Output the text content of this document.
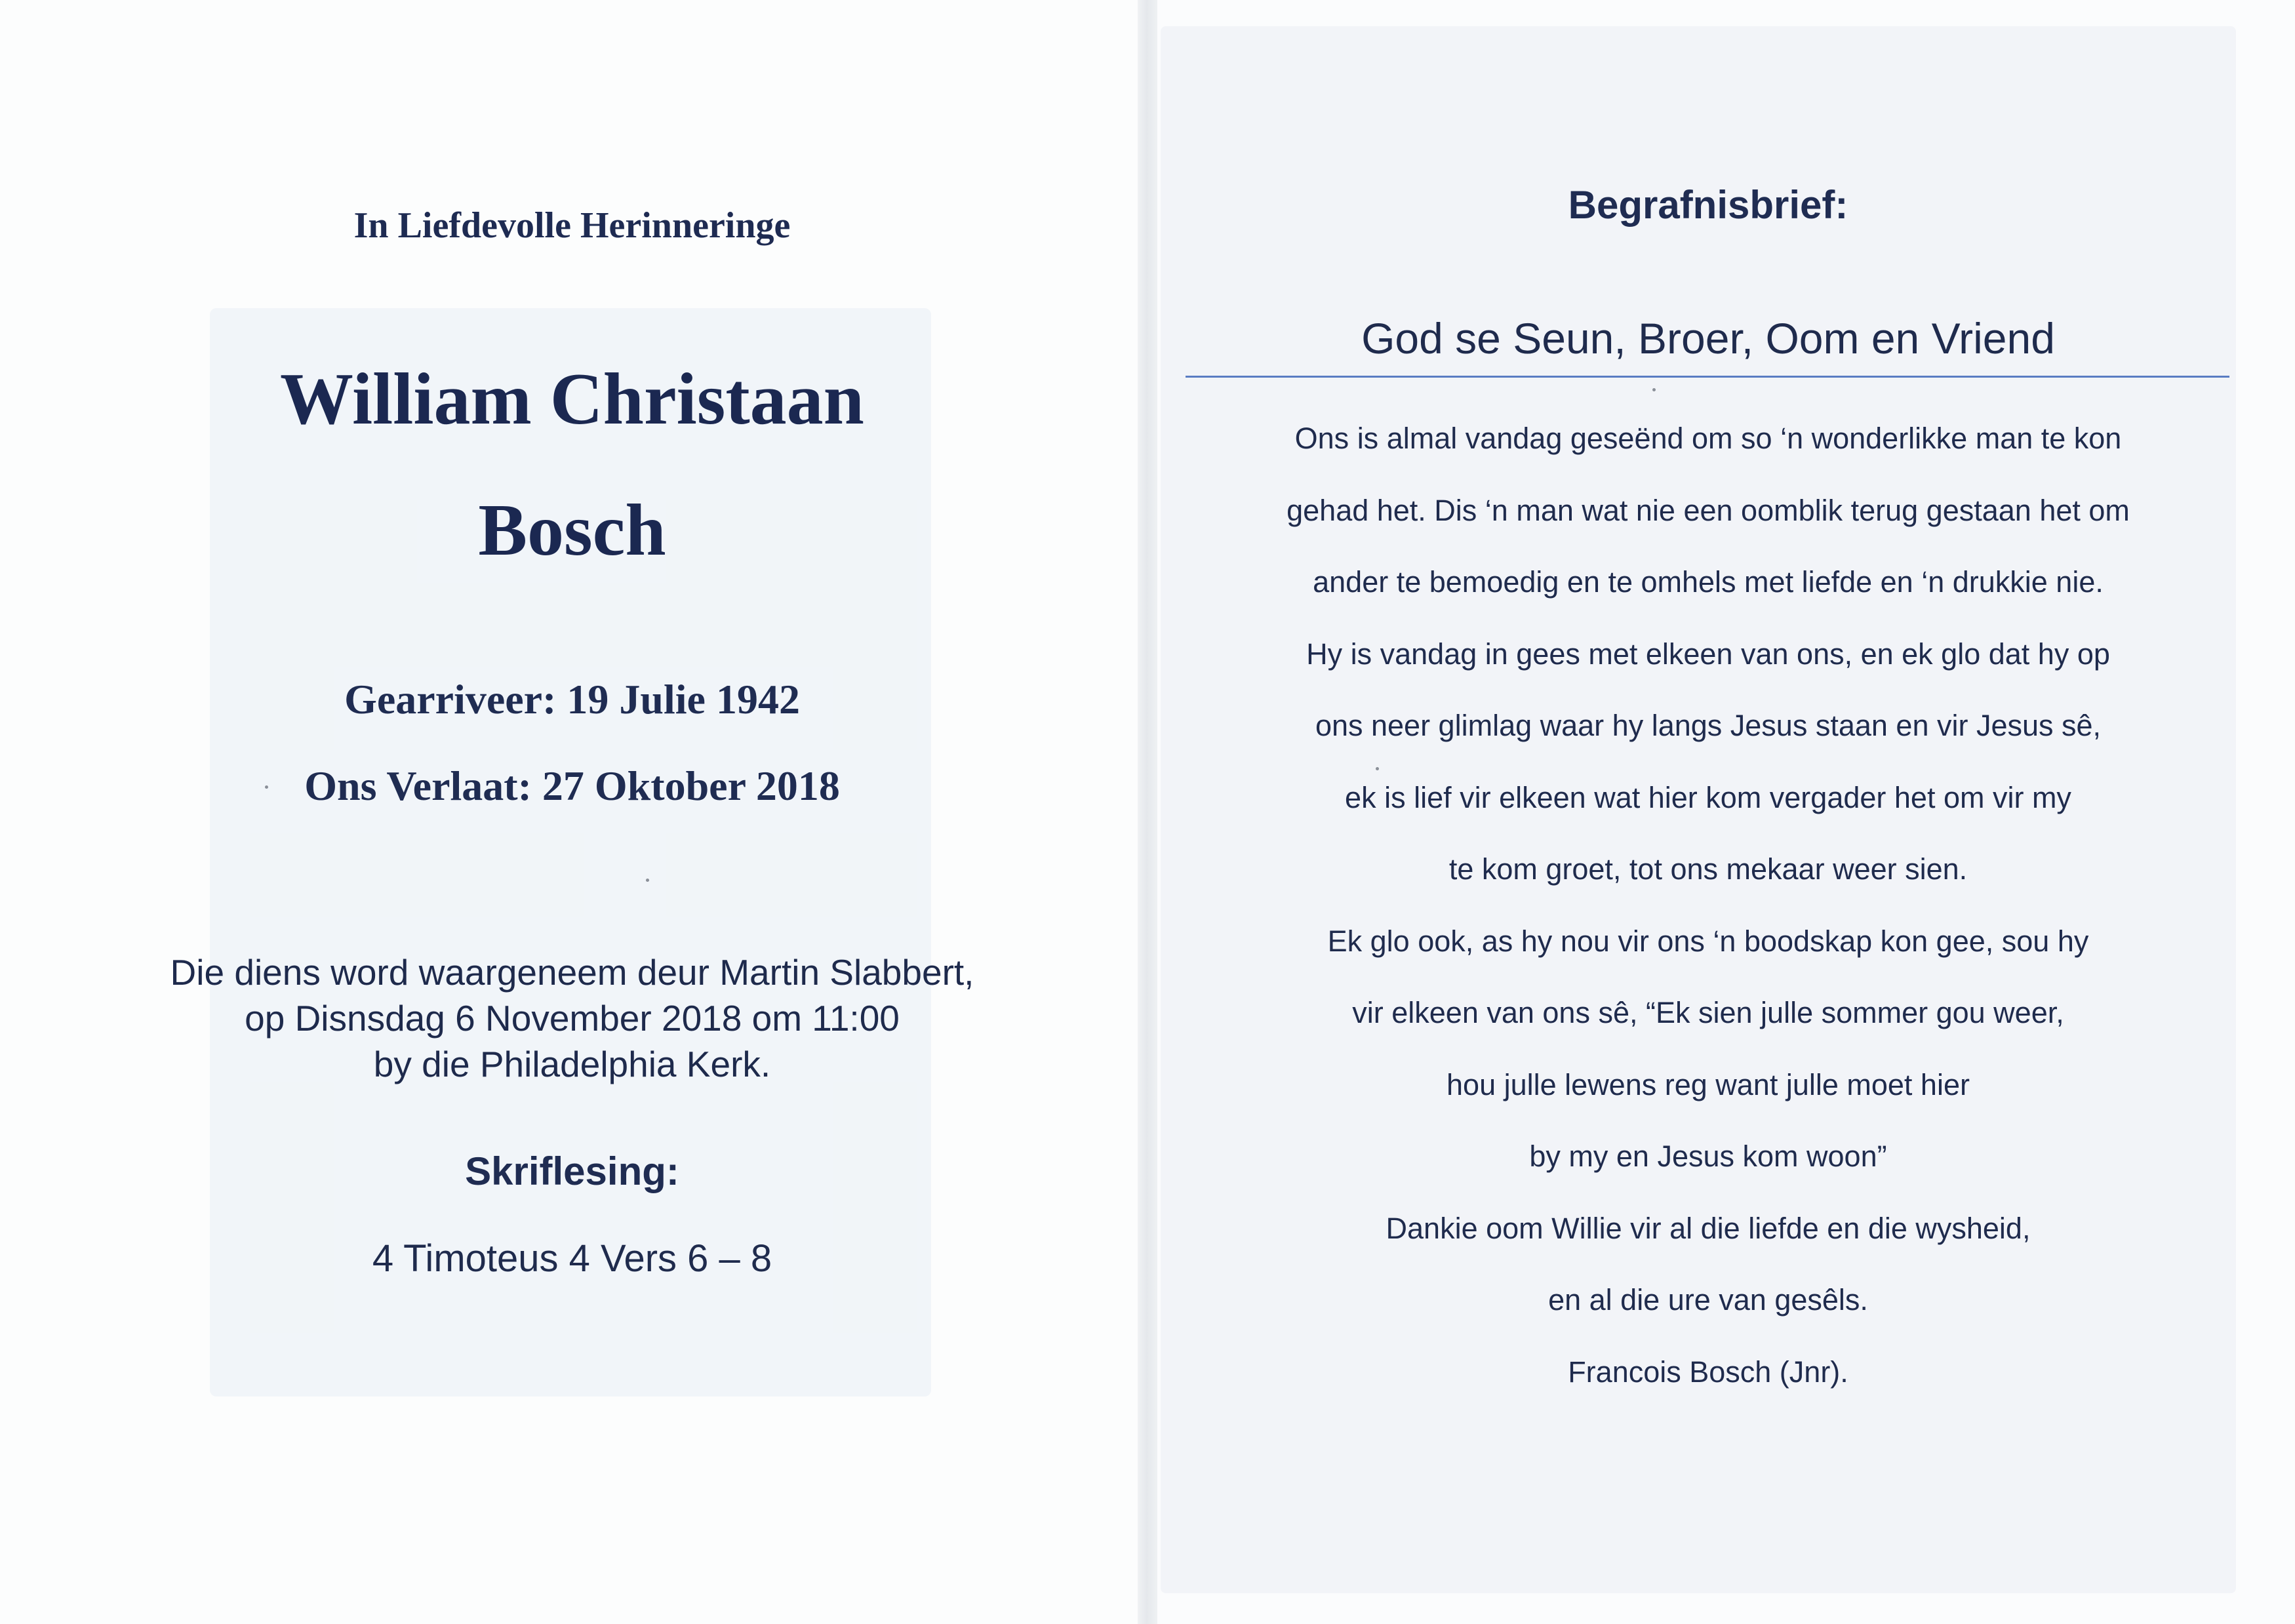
In Liefdevolle Herinneringe
William Christaan
Bosch
Gearriveer: 19 Julie 1942
Ons Verlaat: 27 Oktober 2018
Die diens word waargeneem deur Martin Slabbert,
op Disnsdag 6 November 2018 om 11:00
by die Philadelphia Kerk.
Skriflesing:
4 Timoteus 4 Vers 6 – 8
Begrafnisbrief:
God se Seun, Broer, Oom en Vriend
Ons is almal vandag geseënd om so ‘n wonderlikke man te kon
gehad het. Dis ‘n man wat nie een oomblik terug gestaan het om
ander te bemoedig en te omhels met liefde en ‘n drukkie nie.
Hy is vandag in gees met elkeen van ons, en ek glo dat hy op
ons neer glimlag waar hy langs Jesus staan en vir Jesus sê,
ek is lief vir elkeen wat hier kom vergader het om vir my
te kom groet, tot ons mekaar weer sien.
Ek glo ook, as hy nou vir ons ‘n boodskap kon gee, sou hy
vir elkeen van ons sê, “Ek sien julle sommer gou weer,
hou julle lewens reg want julle moet hier
by my en Jesus kom woon”
Dankie oom Willie vir al die liefde en die wysheid,
en al die ure van gesêls.
Francois Bosch (Jnr).
